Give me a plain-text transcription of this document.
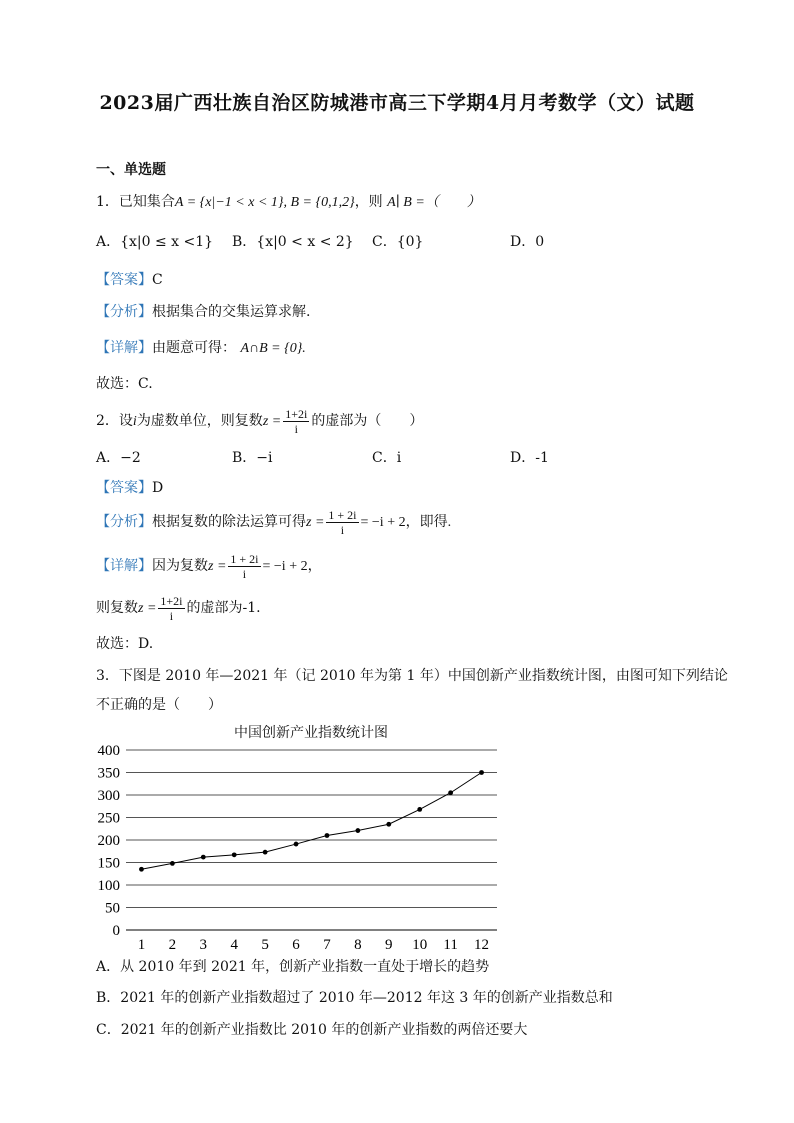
2023届广西壮族自治区防城港市高三下学期4月月考数学（文）试题
一、单选题
1．已知集合A = {x|−1 < x < 1}, B = {0,1,2}，则 A∣ B =（　　）
A．{x|0 ≤ x <1} B．{x|0 < x < 2} C．{0}	D．0
【答案】C
【分析】根据集合的交集运算求解.
【详解】由题意可得： A∩B = {0}.
故选：C.
2．设i为虚数单位，则复数$z = \frac{1+2i}{i}$ 的虚部为（　　）
A．−2	B．−i	C．i	D．-1
【答案】D
【分析】根据复数的除法运算可得$z = \frac{1 + 2i}{i} = -i + 2$，即得.
【详解】因为复数$z = \frac{1 + 2i}{i} = -i + 2$，
则复数$z = \frac{1+2i}{i}$ 的虚部为-1.
故选：D.
3．下图是 2010 年—2021 年（记 2010 年为第 1 年）中国创新产业指数统计图，由图可知下列结论
不正确的是（　　）
中国创新产业指数统计图
0
50
100
150
200
250
300
350
400
1 2 3 4 5 6 7 8 9 10 11 12
A．从 2010 年到 2021 年，创新产业指数一直处于增长的趋势
B．2021 年的创新产业指数超过了 2010 年—2012 年这 3 年的创新产业指数总和
C．2021 年的创新产业指数比 2010 年的创新产业指数的两倍还要大
